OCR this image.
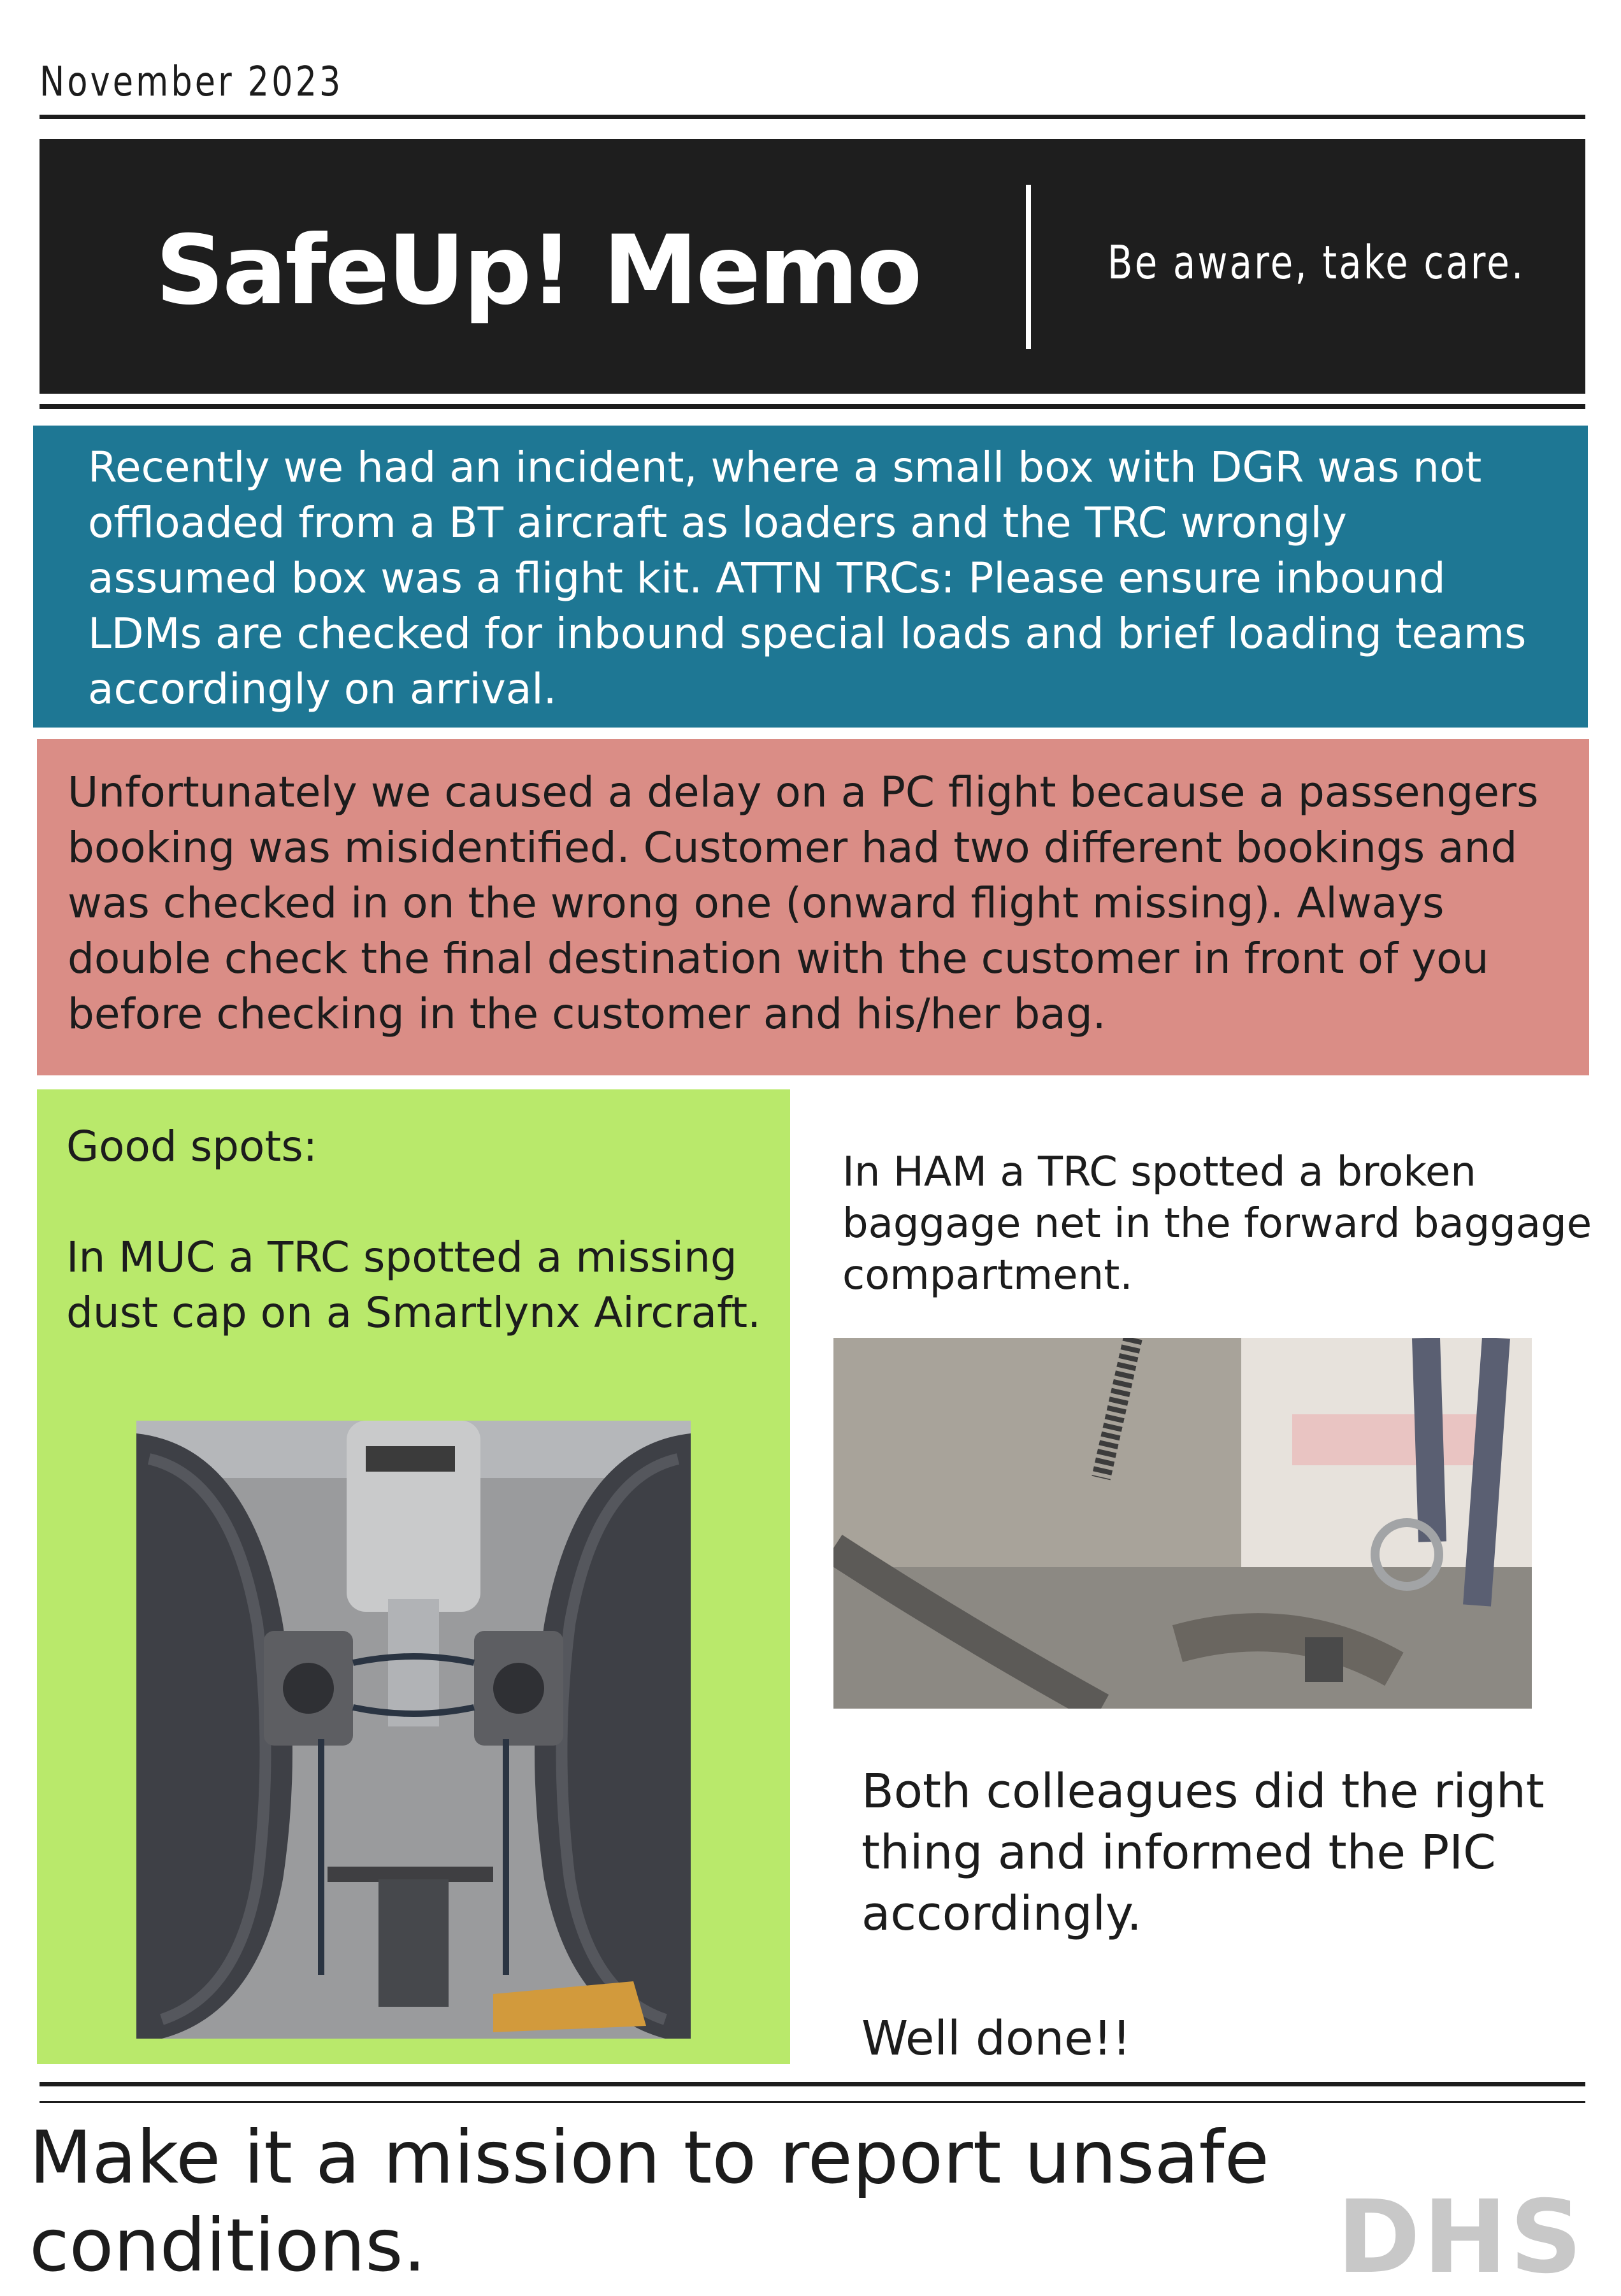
November 2023
SafeUp! Memo	Be aware, take care.
Recently we had an incident, where a small box with DGR was not offloaded from a BT aircraft as loaders and the TRC wrongly assumed box was a flight kit. ATTN TRCs: Please ensure inbound LDMs are checked for inbound special loads and brief loading teams accordingly on arrival.
Unfortunately we caused a delay on a PC flight because a passengers booking was misidentified. Customer had two different bookings and was checked in on the wrong one (onward flight missing). Always double check the final destination with the customer in front of you before checking in the customer and his/her bag.
Good spots:
In MUC a TRC spotted a missing dust cap on a Smartlynx Aircraft.
In HAM a TRC spotted a broken baggage net in the forward baggage compartment.
Both colleagues did the right thing and informed the PIC accordingly.
Well done!!
Make it a mission to report unsafe conditions.	DHS
